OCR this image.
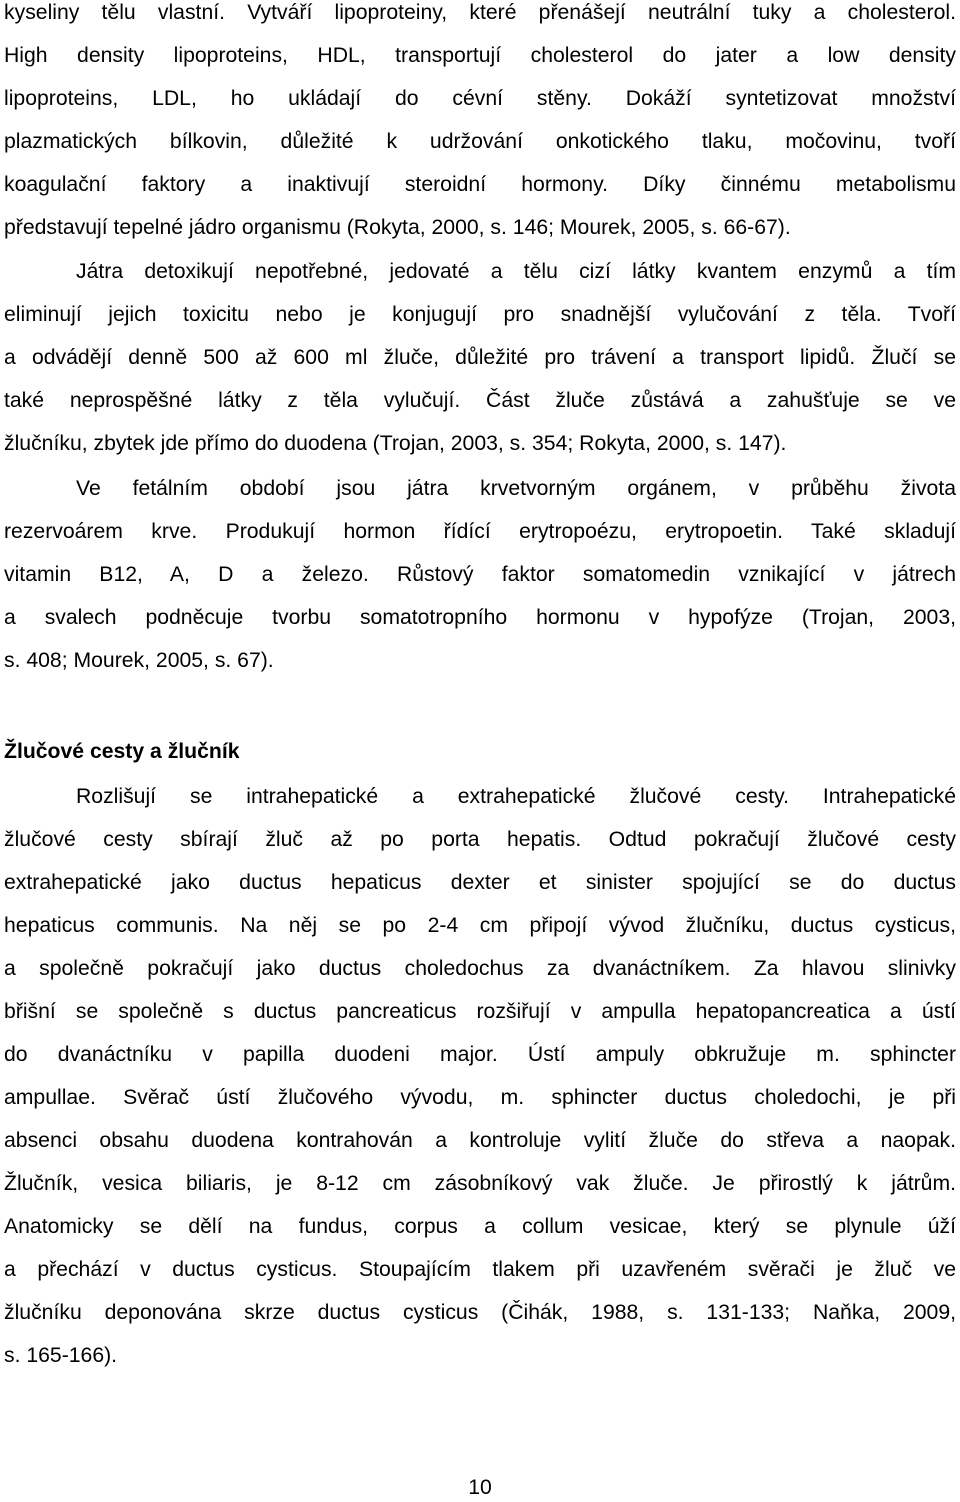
kyseliny tělu vlastní. Vytváří lipoproteiny, které přenášejí neutrální tuky a cholesterol.
High density lipoproteins, HDL, transportují cholesterol do jater a low density
lipoproteins, LDL, ho ukládají do cévní stěny. Dokáží syntetizovat množství
plazmatických bílkovin, důležité k udržování onkotického tlaku, močovinu, tvoří
koagulační faktory a inaktivují steroidní hormony. Díky činnému metabolismu
představují tepelné jádro organismu (Rokyta, 2000, s. 146; Mourek, 2005, s. 66-67).
Játra detoxikují nepotřebné, jedovaté a tělu cizí látky kvantem enzymů a tím
eliminují jejich toxicitu nebo je konjugují pro snadnější vylučování z těla. Tvoří
a odvádějí denně 500 až 600 ml žluče, důležité pro trávení a transport lipidů. Žlučí se
také neprospěšné látky z těla vylučují. Část žluče zůstává a zahušťuje se ve
žlučníku, zbytek jde přímo do duodena (Trojan, 2003, s. 354; Rokyta, 2000, s. 147).
Ve fetálním období jsou játra krvetvorným orgánem, v průběhu života
rezervoárem krve. Produkují hormon řídící erytropoézu, erytropoetin. Také skladují
vitamin B12, A, D a železo. Růstový faktor somatomedin vznikající v játrech
a svalech podněcuje tvorbu somatotropního hormonu v hypofýze (Trojan, 2003,
s. 408; Mourek, 2005, s. 67).
Žlučové cesty a žlučník
Rozlišují se intrahepatické a extrahepatické žlučové cesty. Intrahepatické
žlučové cesty sbírají žluč až po porta hepatis. Odtud pokračují žlučové cesty
extrahepatické jako ductus hepaticus dexter et sinister spojující se do ductus
hepaticus communis. Na něj se po 2-4 cm připojí vývod žlučníku, ductus cysticus,
a společně pokračují jako ductus choledochus za dvanáctníkem. Za hlavou slinivky
břišní se společně s ductus pancreaticus rozšiřují v ampulla hepatopancreatica a ústí
do dvanáctníku v papilla duodeni major. Ústí ampuly obkružuje m. sphincter
ampullae. Svěrač ústí žlučového vývodu, m. sphincter ductus choledochi, je při
absenci obsahu duodena kontrahován a kontroluje vylití žluče do střeva a naopak.
Žlučník, vesica biliaris, je 8-12 cm zásobníkový vak žluče. Je přirostlý k játrům.
Anatomicky se dělí na fundus, corpus a collum vesicae, který se plynule úží
a přechází v ductus cysticus. Stoupajícím tlakem při uzavřeném svěrači je žluč ve
žlučníku deponována skrze ductus cysticus (Čihák, 1988, s. 131-133; Naňka, 2009,
s. 165-166).
10
